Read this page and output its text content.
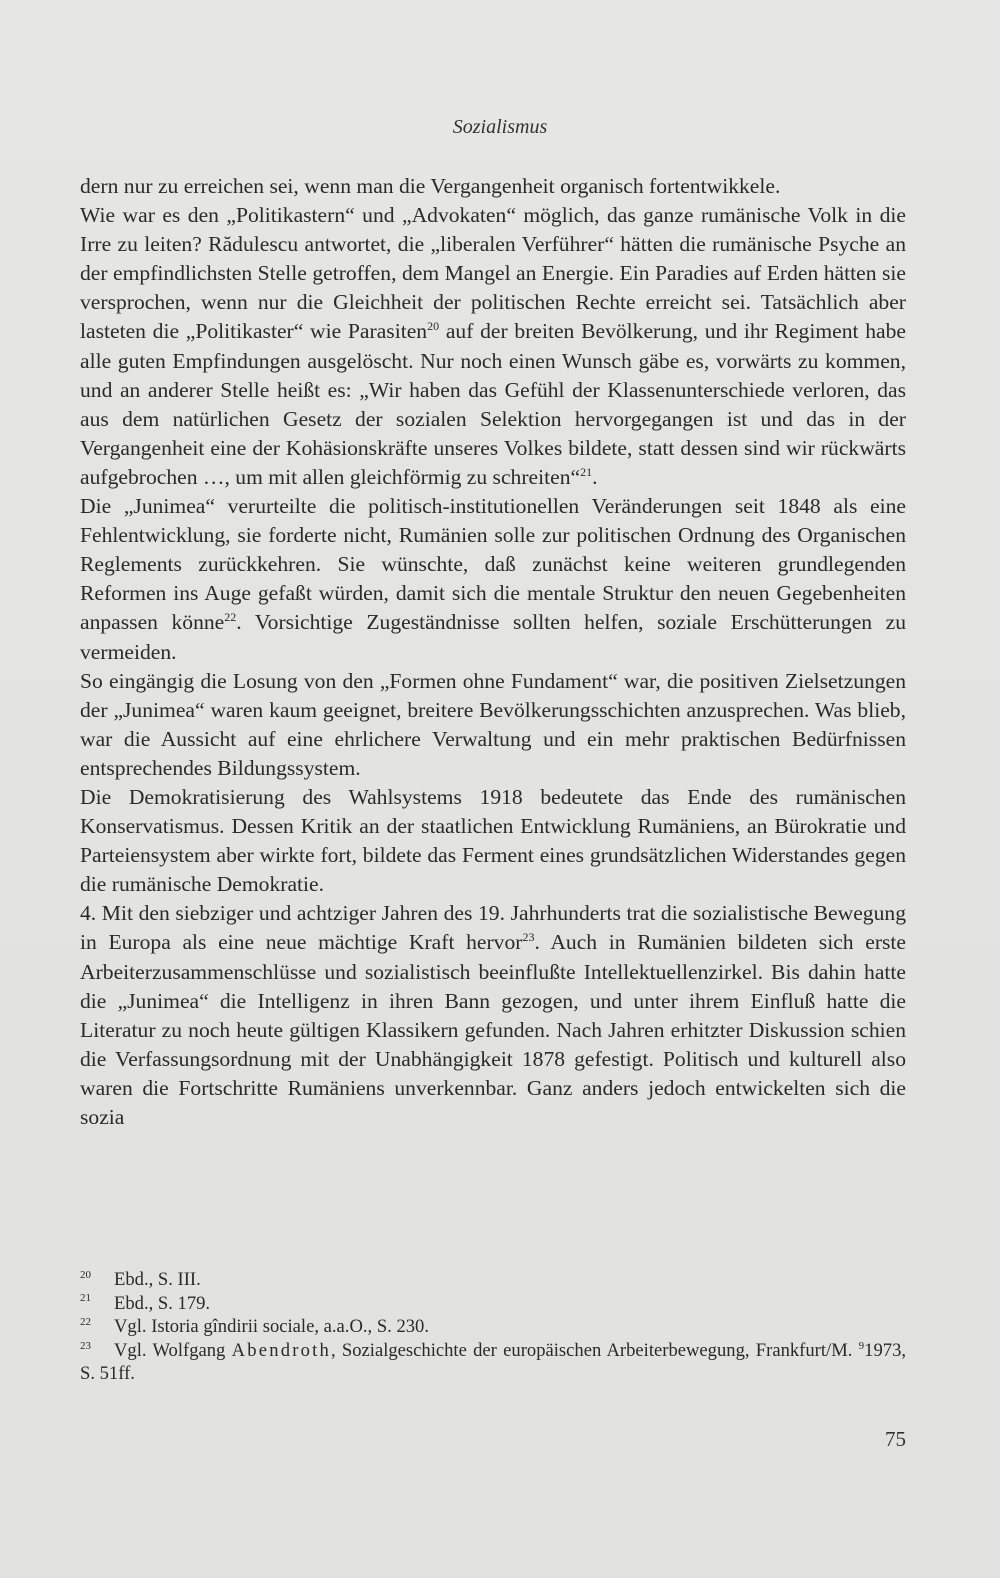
Sozialismus

dern nur zu erreichen sei, wenn man die Vergangenheit organisch fortentwikkele.

Wie war es den „Politikastern“ und „Advokaten“ möglich, das ganze rumänische Volk in die Irre zu leiten? Rădulescu antwortet, die „liberalen Verführer“ hätten die rumänische Psyche an der empfindlichsten Stelle getroffen, dem Mangel an Energie. Ein Paradies auf Erden hätten sie versprochen, wenn nur die Gleichheit der politischen Rechte erreicht sei. Tatsächlich aber lasteten die „Politikaster“ wie Parasiten$^{20}$ auf der breiten Bevölkerung, und ihr Regiment habe alle guten Empfindungen ausgelöscht. Nur noch einen Wunsch gäbe es, vorwärts zu kommen, und an anderer Stelle heißt es: „Wir haben das Gefühl der Klassenunterschiede verloren, das aus dem natürlichen Gesetz der sozialen Selektion hervorgegangen ist und das in der Vergangenheit eine der Kohäsionskräfte unseres Volkes bildete, statt dessen sind wir rückwärts aufgebrochen …, um mit allen gleichförmig zu schreiten“$^{21}$.

Die „Junimea“ verurteilte die politisch-institutionellen Veränderungen seit 1848 als eine Fehlentwicklung, sie forderte nicht, Rumänien solle zur politischen Ordnung des Organischen Reglements zurückkehren. Sie wünschte, daß zunächst keine weiteren grundlegenden Reformen ins Auge gefaßt würden, damit sich die mentale Struktur den neuen Gegebenheiten anpassen könne$^{22}$. Vorsichtige Zugeständnisse sollten helfen, soziale Erschütterungen zu vermeiden.

So eingängig die Losung von den „Formen ohne Fundament“ war, die positiven Zielsetzungen der „Junimea“ waren kaum geeignet, breitere Bevölkerungsschichten anzusprechen. Was blieb, war die Aussicht auf eine ehrlichere Verwaltung und ein mehr praktischen Bedürfnissen entsprechendes Bildungssystem.

Die Demokratisierung des Wahlsystems 1918 bedeutete das Ende des rumänischen Konservatismus. Dessen Kritik an der staatlichen Entwicklung Rumäniens, an Bürokratie und Parteiensystem aber wirkte fort, bildete das Ferment eines grundsätzlichen Widerstandes gegen die rumänische Demokratie.

4. Mit den siebziger und achtziger Jahren des 19. Jahrhunderts trat die sozialistische Bewegung in Europa als eine neue mächtige Kraft hervor$^{23}$. Auch in Rumänien bildeten sich erste Arbeiterzusammenschlüsse und sozialistisch beeinflußte Intellektuellenzirkel. Bis dahin hatte die „Junimea“ die Intelligenz in ihren Bann gezogen, und unter ihrem Einfluß hatte die Literatur zu noch heute gültigen Klassikern gefunden. Nach Jahren erhitzter Diskussion schien die Verfassungsordnung mit der Unabhängigkeit 1878 gefestigt. Politisch und kulturell also waren die Fortschritte Rumäniens unverkennbar. Ganz anders jedoch entwickelten sich die sozia

20 Ebd., S. III.

21 Ebd., S. 179.

22 Vgl. Istoria gîndirii sociale, a.a.O., S. 230.

23 Vgl. Wolfgang Abendroth, Sozialgeschichte der europäischen Arbeiterbewegung, Frankfurt/M. $^9$1973, S. 51ff.

75
